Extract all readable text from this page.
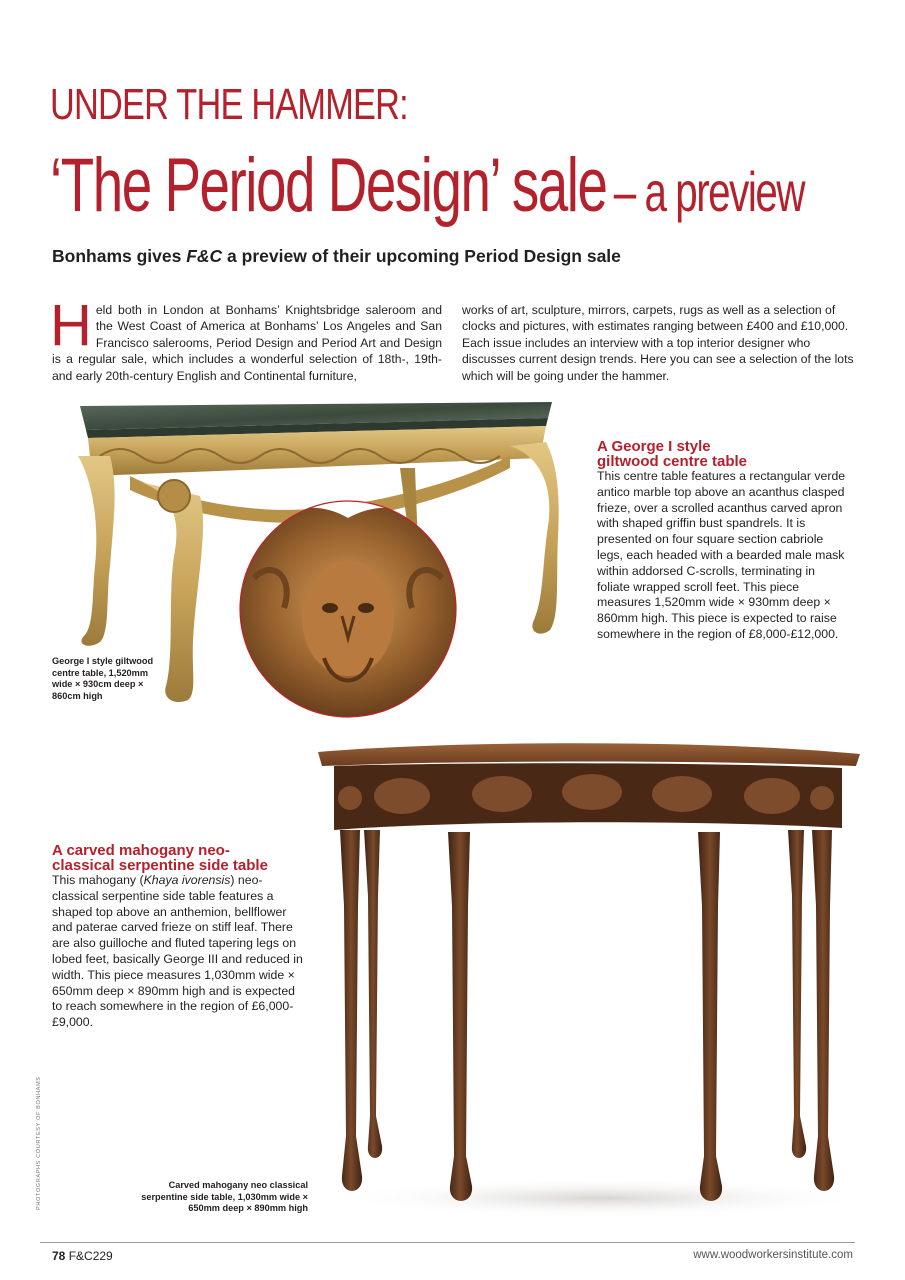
UNDER THE HAMMER:
‘The Period Design’ sale – a preview
Bonhams gives F&C a preview of their upcoming Period Design sale
Held both in London at Bonhams’ Knightsbridge saleroom and the West Coast of America at Bonhams’ Los Angeles and San Francisco salerooms, Period Design and Period Art and Design is a regular sale, which includes a wonderful selection of 18th-, 19th- and early 20th-century English and Continental furniture,
works of art, sculpture, mirrors, carpets, rugs as well as a selection of clocks and pictures, with estimates ranging between £400 and £10,000. Each issue includes an interview with a top interior designer who discusses current design trends. Here you can see a selection of the lots which will be going under the hammer.
A George I style
giltwood centre table
This centre table features a rectangular verde antico marble top above an acanthus clasped frieze, over a scrolled acanthus carved apron with shaped griffin bust spandrels. It is presented on four square section cabriole legs, each headed with a bearded male mask within addorsed C-scrolls, terminating in foliate wrapped scroll feet. This piece measures 1,520mm wide × 930mm deep × 860mm high. This piece is expected to raise somewhere in the region of £8,000-£12,000.
George I style giltwood centre table, 1,520mm wide × 930cm deep × 860cm high
A carved mahogany neo-
classical serpentine side table
This mahogany (Khaya ivorensis) neo-classical serpentine side table features a shaped top above an anthemion, bellflower and paterae carved frieze on stiff leaf. There are also guilloche and fluted tapering legs on lobed feet, basically George III and reduced in width. This piece measures 1,030mm wide × 650mm deep × 890mm high and is expected to reach somewhere in the region of £6,000-£9,000.
Carved mahogany neo classical serpentine side table, 1,030mm wide × 650mm deep × 890mm high
PHOTOGRAPHS COURTESY OF BONHAMS
78 F&C229	www.woodworkersinstitute.com
